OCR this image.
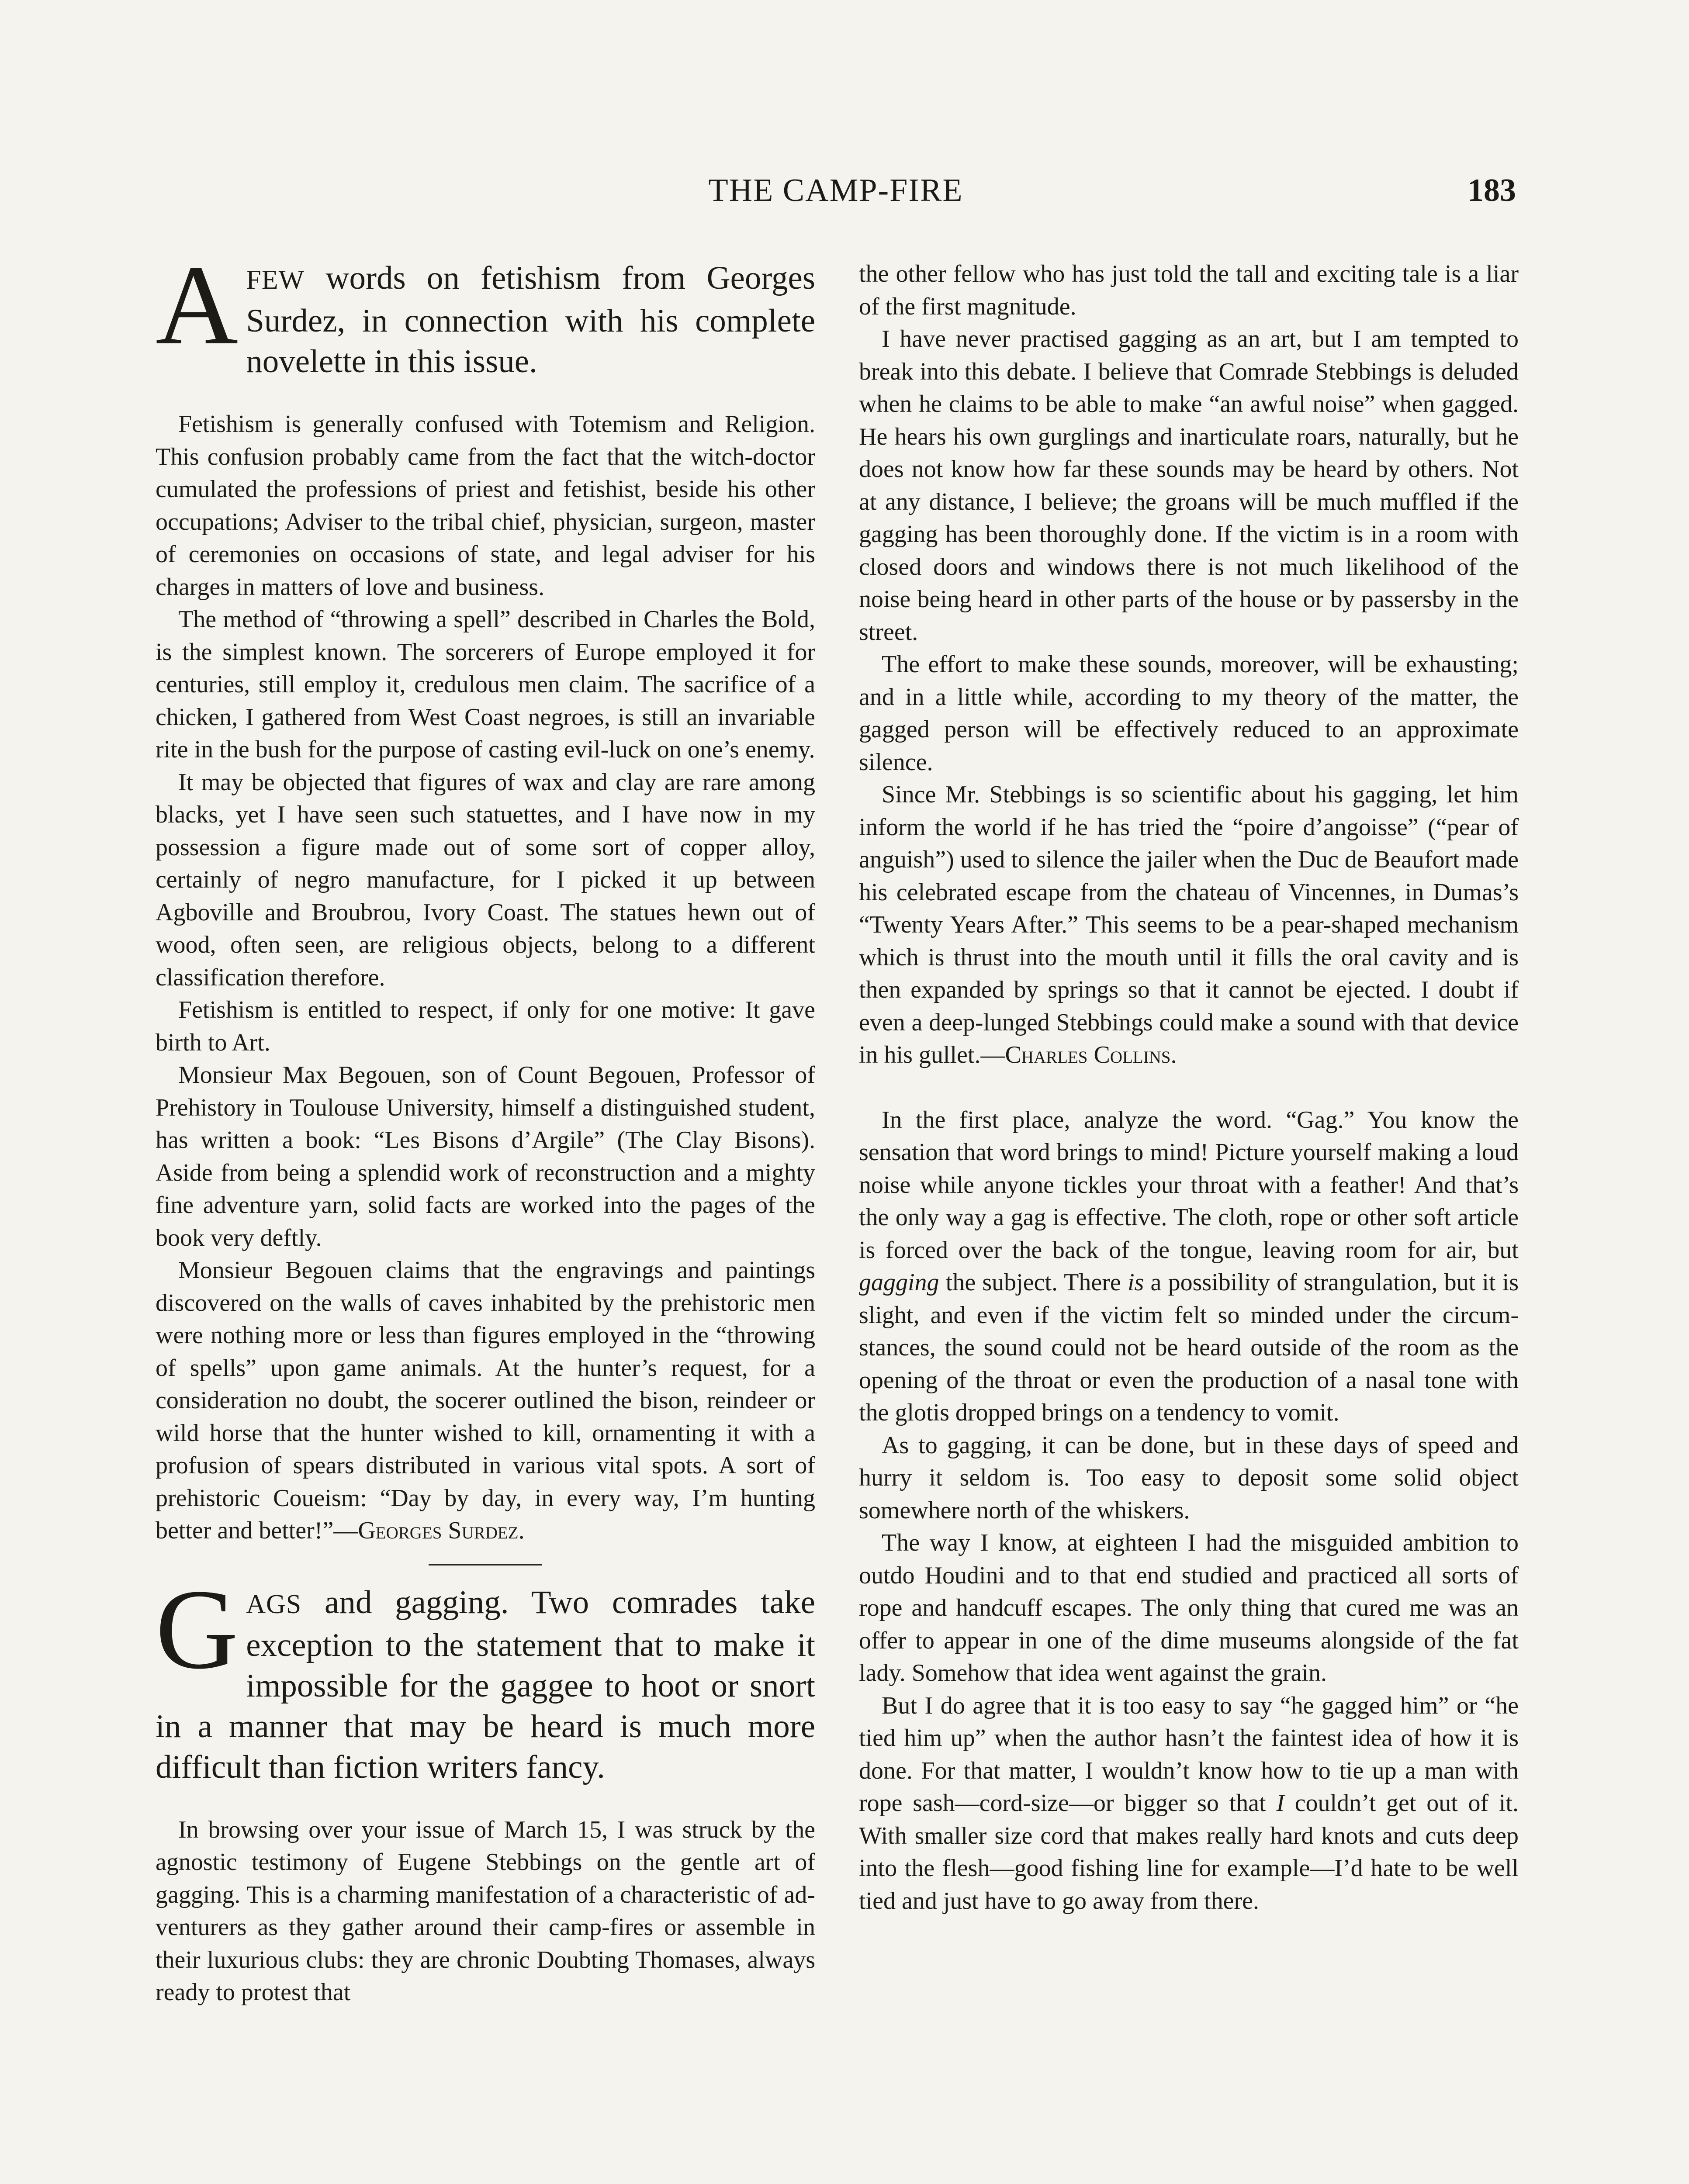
THE CAMP-FIRE	183

AFEW words on fetishism from Georges Surdez, in connection with his complete novelette in this issue.

Fetishism is generally confused with Totemism and Religion. This confusion probably came from the fact that the witch-doctor cumulated the professions of priest and fetishist, beside his other occupations; Adviser to the tribal chief, physician, surgeon, master of ceremonies on occasions of state, and legal adviser for his charges in matters of love and business.

The method of “throwing a spell” described in Charles the Bold, is the simplest known. The sorcerers of Europe employed it for centuries, still employ it, credulous men claim. The sacrifice of a chicken, I gathered from West Coast negroes, is still an invariable rite in the bush for the purpose of casting evil-luck on one’s enemy.

It may be objected that figures of wax and clay are rare among blacks, yet I have seen such statuettes, and I have now in my possession a figure made out of some sort of copper alloy, certainly of negro manufacture, for I picked it up between Agboville and Broubrou, Ivory Coast. The statues hewn out of wood, often seen, are religious objects, belong to a different classification therefore.

Fetishism is entitled to respect, if only for one motive: It gave birth to Art.

Monsieur Max Begouen, son of Count Begouen, Professor of Prehistory in Toulouse University, himself a distinguished student, has written a book: “Les Bisons d’Argile” (The Clay Bisons). Aside from being a splendid work of reconstruction and a mighty fine adventure yarn, solid facts are worked into the pages of the book very deftly.

Monsieur Begouen claims that the engravings and paintings discovered on the walls of caves inhabited by the prehistoric men were nothing more or less than figures employed in the “throwing of spells” upon game animals. At the hunter’s request, for a consideration no doubt, the socerer outlined the bison, reindeer or wild horse that the hunter wished to kill, ornamenting it with a profusion of spears distributed in various vital spots. A sort of prehistoric Coueism: “Day by day, in every way, I’m hunting better and better!”—Georges Surdez.

GAGS and gagging. Two comrades take exception to the statement that to make it impossible for the gaggee to hoot or snort in a manner that may be heard is much more difficult than fiction writers fancy.

In browsing over your issue of March 15, I was struck by the agnostic testimony of Eugene Stebbings on the gentle art of gagging. This is a charming manifestation of a characteristic of adventurers as they gather around their camp-fires or assemble in their luxurious clubs: they are chronic Doubting Thomases, always ready to protest that

the other fellow who has just told the tall and exciting tale is a liar of the first magnitude.

I have never practised gagging as an art, but I am tempted to break into this debate. I believe that Comrade Stebbings is deluded when he claims to be able to make “an awful noise” when gagged. He hears his own gurglings and inarticulate roars, naturally, but he does not know how far these sounds may be heard by others. Not at any distance, I believe; the groans will be much muffled if the gagging has been thoroughly done. If the victim is in a room with closed doors and windows there is not much likelihood of the noise being heard in other parts of the house or by passersby in the street.

The effort to make these sounds, moreover, will be exhausting; and in a little while, according to my theory of the matter, the gagged person will be effectively reduced to an approximate silence.

Since Mr. Stebbings is so scientific about his gagging, let him inform the world if he has tried the “poire d’angoisse” (“pear of anguish”) used to silence the jailer when the Duc de Beaufort made his celebrated escape from the chateau of Vincennes, in Dumas’s “Twenty Years After.” This seems to be a pear-shaped mechanism which is thrust into the mouth until it fills the oral cavity and is then expanded by springs so that it cannot be ejected. I doubt if even a deep-lunged Stebbings could make a sound with that device in his gullet.—Charles Collins.

In the first place, analyze the word. “Gag.” You know the sensation that word brings to mind! Picture yourself making a loud noise while anyone tickles your throat with a feather! And that’s the only way a gag is effective. The cloth, rope or other soft article is forced over the back of the tongue, leaving room for air, but gagging the subject. There is a possibility of strangulation, but it is slight, and even if the victim felt so minded under the circumstances, the sound could not be heard outside of the room as the opening of the throat or even the production of a nasal tone with the glotis dropped brings on a tendency to vomit.

As to gagging, it can be done, but in these days of speed and hurry it seldom is. Too easy to deposit some solid object somewhere north of the whiskers.

The way I know, at eighteen I had the misguided ambition to outdo Houdini and to that end studied and practiced all sorts of rope and handcuff escapes. The only thing that cured me was an offer to appear in one of the dime museums alongside of the fat lady. Somehow that idea went against the grain.

But I do agree that it is too easy to say “he gagged him” or “he tied him up” when the author hasn’t the faintest idea of how it is done. For that matter, I wouldn’t know how to tie up a man with rope sash—cord-size—or bigger so that I couldn’t get out of it. With smaller size cord that makes really hard knots and cuts deep into the flesh—good fishing line for example—I’d hate to be well tied and just have to go away from there.
